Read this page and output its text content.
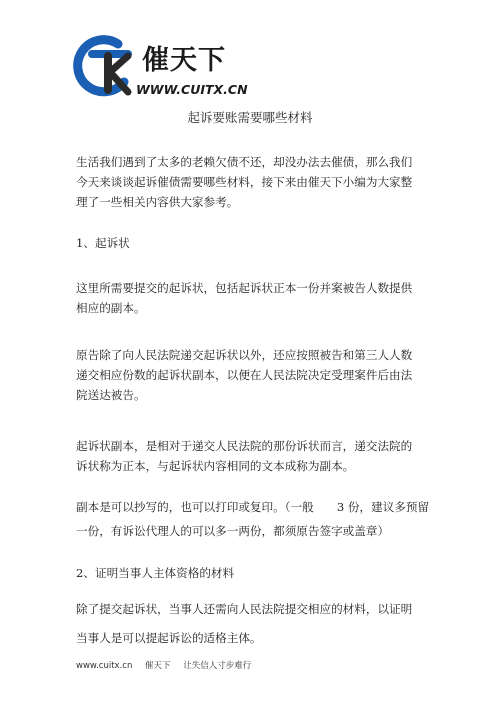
催天下
WWW.CUITX.CN
起诉要账需要哪些材料
生活我们遇到了太多的老赖欠债不还，却没办法去催债，那么我们
今天来谈谈起诉催债需要哪些材料，接下来由催天下小编为大家整
理了一些相关内容供大家参考。
1、起诉状
这里所需要提交的起诉状，包括起诉状正本一份并案被告人数提供
相应的副本。
原告除了向人民法院递交起诉状以外，还应按照被告和第三人人数
递交相应份数的起诉状副本，以便在人民法院决定受理案件后由法
院送达被告。
起诉状副本，是相对于递交人民法院的那份诉状而言，递交法院的
诉状称为正本，与起诉状内容相同的文本成称为副本。
副本是可以抄写的，也可以打印或复印。（一般　　3 份，建议多预留
一份，有诉讼代理人的可以多一两份，都须原告签字或盖章）
2、证明当事人主体资格的材料
除了提交起诉状，当事人还需向人民法院提交相应的材料，以证明
当事人是可以提起诉讼的适格主体。
www.cuitx.cn 催天下 让失信人寸步难行
